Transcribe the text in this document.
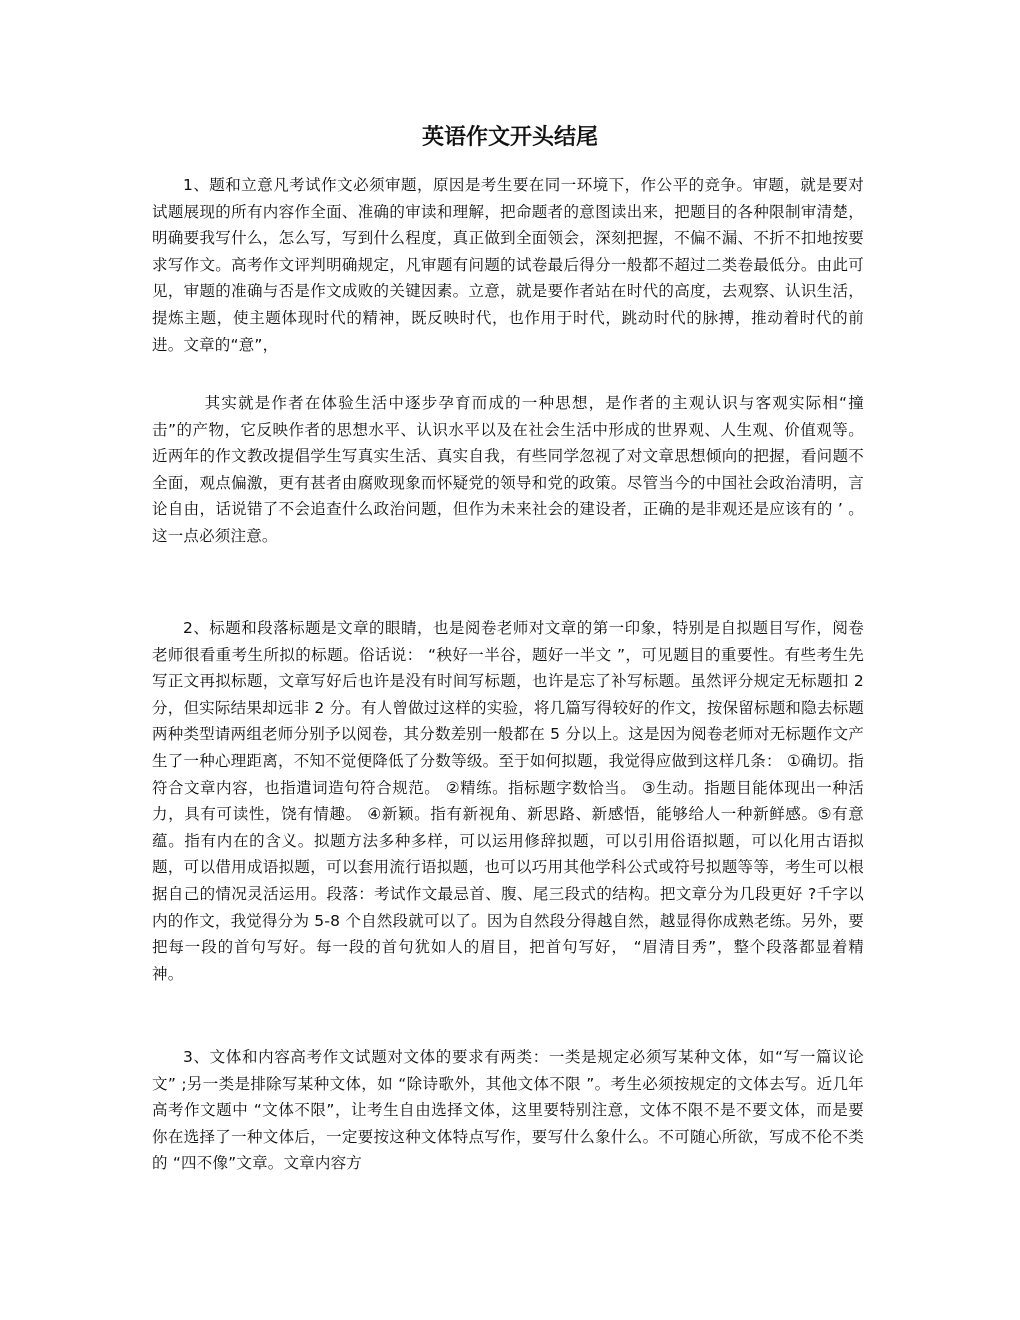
英语作文开头结尾

1、题和立意凡考试作文必须审题，原因是考生要在同一环境下，作公平的竞争。审题，就是要对试题展现的所有内容作全面、准确的审读和理解，把命题者的意图读出来，把题目的各种限制审清楚，明确要我写什么，怎么写，写到什么程度，真正做到全面领会，深刻把握，不偏不漏、不折不扣地按要求写作文。高考作文评判明确规定，凡审题有问题的试卷最后得分一般都不超过二类卷最低分。由此可见，审题的准确与否是作文成败的关键因素。立意，就是要作者站在时代的高度，去观察、认识生活，提炼主题，使主题体现时代的精神，既反映时代，也作用于时代，跳动时代的脉搏，推动着时代的前进。文章的“意”，

其实就是作者在体验生活中逐步孕育而成的一种思想，是作者的主观认识与客观实际相“撞击”的产物，它反映作者的思想水平、认识水平以及在社会生活中形成的世界观、人生观、价值观等。近两年的作文教改提倡学生写真实生活、真实自我，有些同学忽视了对文章思想倾向的把握，看问题不全面，观点偏激，更有甚者由腐败现象而怀疑党的领导和党的政策。尽管当今的中国社会政治清明，言论自由，话说错了不会追查什么政治问题，但作为未来社会的建设者，正确的是非观还是应该有的 ’ 。这一点必须注意。

2、标题和段落标题是文章的眼睛，也是阅卷老师对文章的第一印象，特别是自拟题目写作，阅卷老师很看重考生所拟的标题。俗话说： “秧好一半谷，题好一半文 ”，可见题目的重要性。有些考生先写正文再拟标题，文章写好后也许是没有时间写标题，也许是忘了补写标题。虽然评分规定无标题扣 2 分，但实际结果却远非 2 分。有人曾做过这样的实验，将几篇写得较好的作文，按保留标题和隐去标题两种类型请两组老师分别予以阅卷，其分数差别一般都在 5 分以上。这是因为阅卷老师对无标题作文产生了一种心理距离，不知不觉便降低了分数等级。至于如何拟题，我觉得应做到这样几条： ①确切。指符合文章内容，也指遣词造句符合规范。 ②精练。指标题字数恰当。 ③生动。指题目能体现出一种活力，具有可读性，饶有情趣。 ④新颖。指有新视角、新思路、新感悟，能够给人一种新鲜感。⑤有意蕴。指有内在的含义。拟题方法多种多样，可以运用修辞拟题，可以引用俗语拟题，可以化用古语拟题，可以借用成语拟题，可以套用流行语拟题，也可以巧用其他学科公式或符号拟题等等，考生可以根据自己的情况灵活运用。段落：考试作文最忌首、腹、尾三段式的结构。把文章分为几段更好 ?千字以内的作文，我觉得分为 5-8 个自然段就可以了。因为自然段分得越自然，越显得你成熟老练。另外，要把每一段的首句写好。每一段的首句犹如人的眉目，把首句写好， “眉清目秀”，整个段落都显着精神。

3、文体和内容高考作文试题对文体的要求有两类：一类是规定必须写某种文体，如“写一篇议论文” ;另一类是排除写某种文体，如 “除诗歌外，其他文体不限 ”。考生必须按规定的文体去写。近几年高考作文题中 “文体不限”，让考生自由选择文体，这里要特别注意，文体不限不是不要文体，而是要你在选择了一种文体后，一定要按这种文体特点写作，要写什么象什么。不可随心所欲，写成不伦不类的 “四不像”文章。文章内容方
